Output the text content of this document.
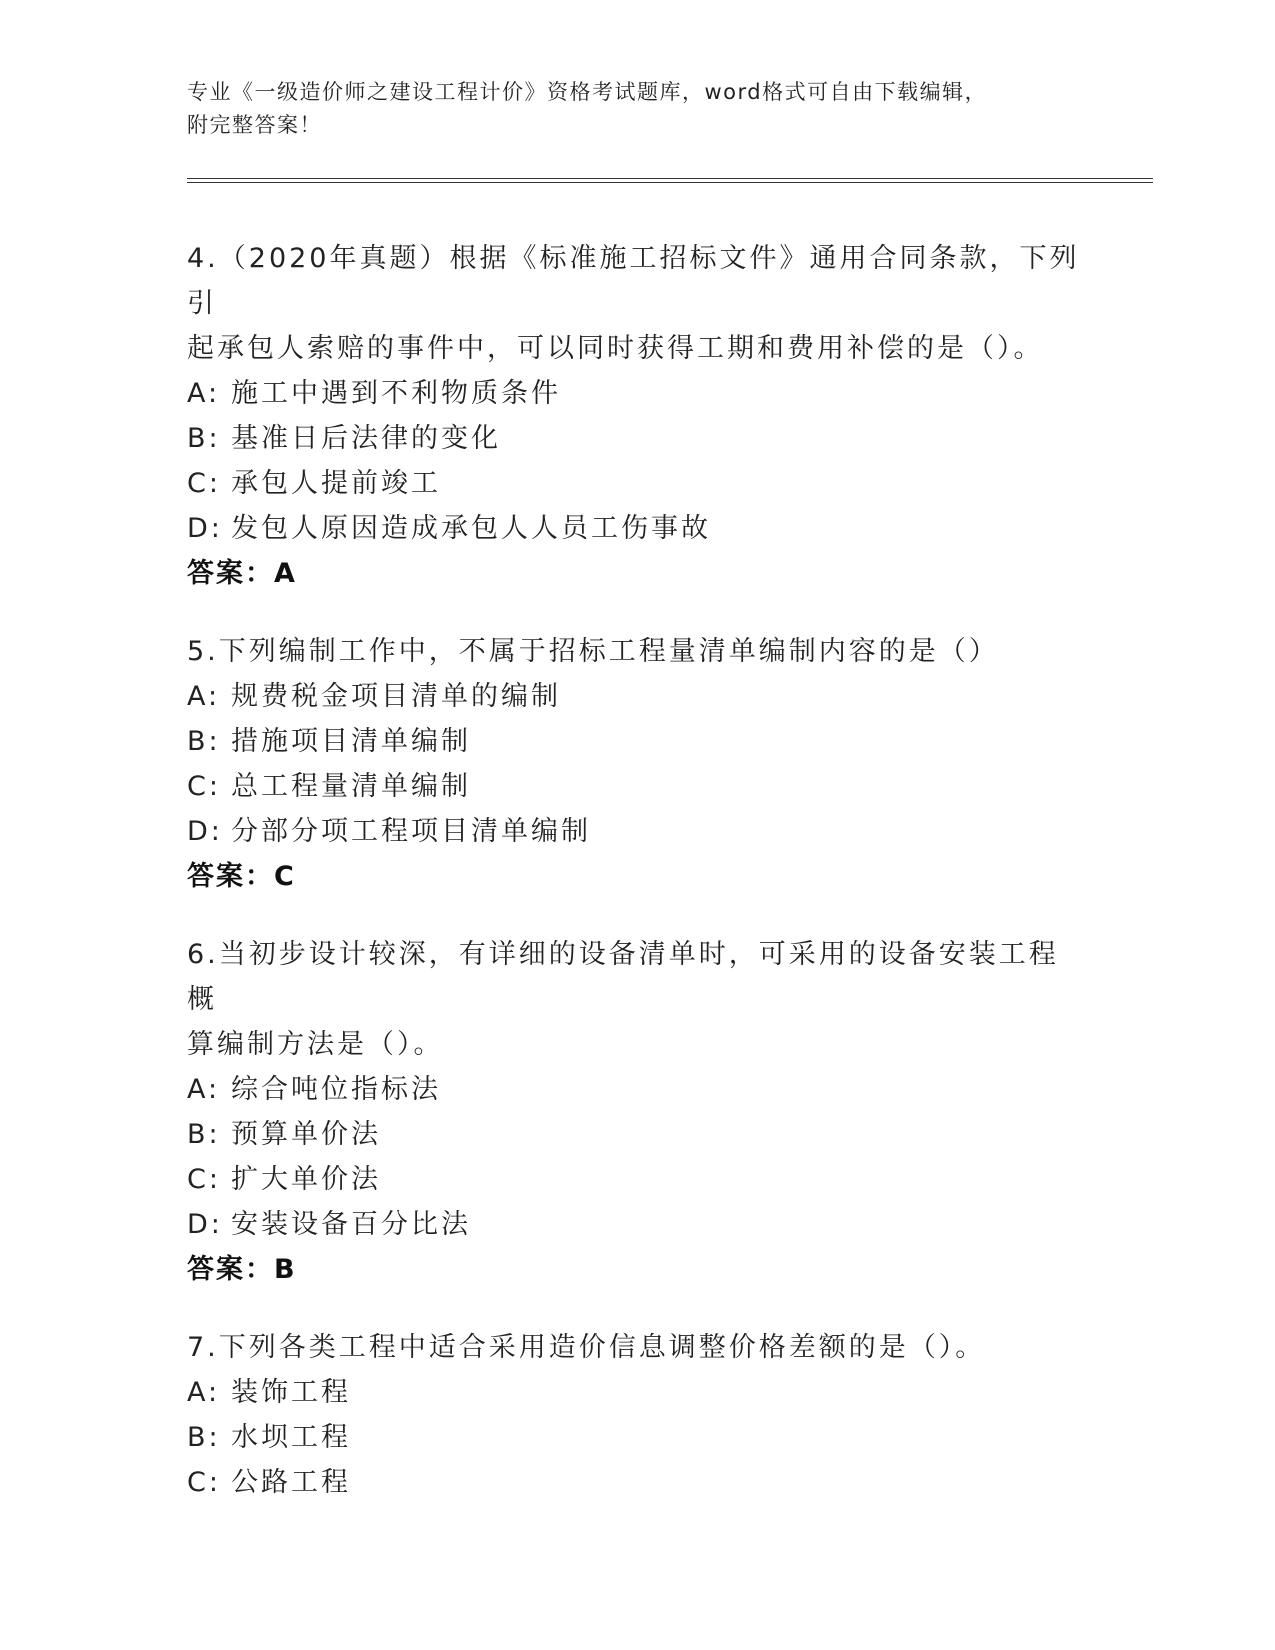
专业《一级造价师之建设工程计价》资格考试题库，word格式可自由下载编辑，
附完整答案！
4.（2020年真题）根据《标准施工招标文件》通用合同条款，下列引
起承包人索赔的事件中，可以同时获得工期和费用补偿的是（）。
A: 施工中遇到不利物质条件
B: 基准日后法律的变化
C: 承包人提前竣工
D: 发包人原因造成承包人人员工伤事故
答案：A
5.下列编制工作中，不属于招标工程量清单编制内容的是（）
A: 规费税金项目清单的编制
B: 措施项目清单编制
C: 总工程量清单编制
D: 分部分项工程项目清单编制
答案：C
6.当初步设计较深，有详细的设备清单时，可采用的设备安装工程概
算编制方法是（）。
A: 综合吨位指标法
B: 预算单价法
C: 扩大单价法
D: 安装设备百分比法
答案：B
7.下列各类工程中适合采用造价信息调整价格差额的是（）。
A: 装饰工程
B: 水坝工程
C: 公路工程
